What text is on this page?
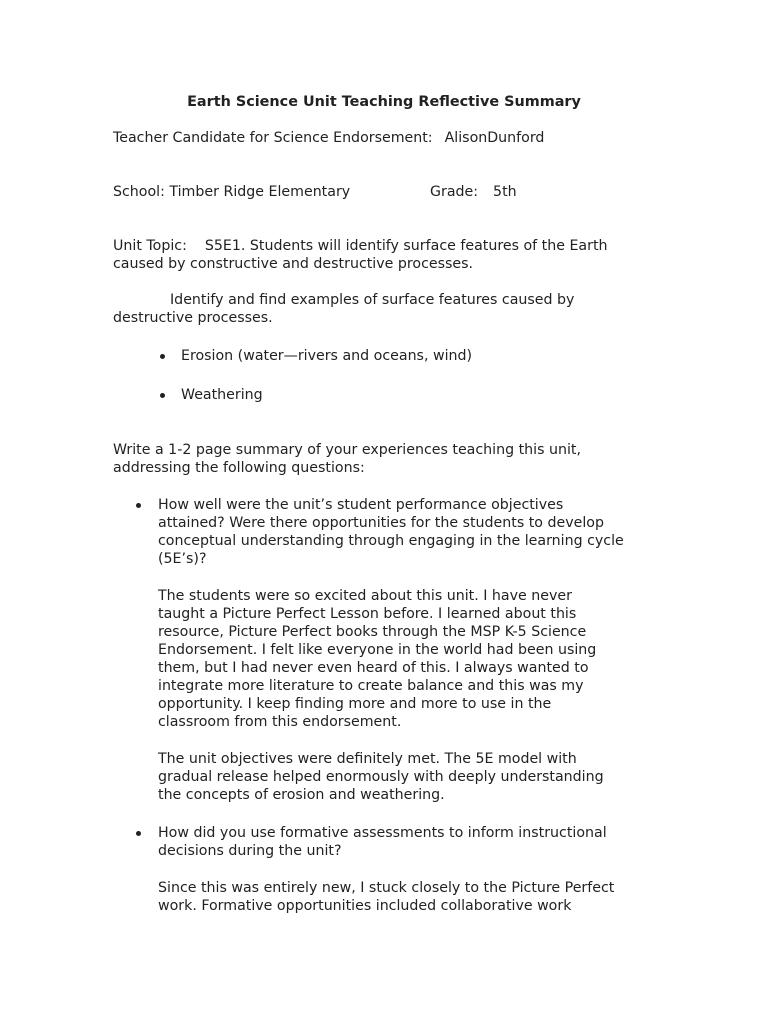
Earth Science Unit Teaching Reflective Summary
Teacher Candidate for Science Endorsement: AlisonDunford
School: Timber Ridge Elementary	Grade: 5th
Unit Topic: S5E1. Students will identify surface features of the Earth
caused by constructive and destructive processes.
Identify and find examples of surface features caused by
destructive processes.
Erosion (water—rivers and oceans, wind)
Weathering
Write a 1-2 page summary of your experiences teaching this unit,
addressing the following questions:
How well were the unit’s student performance objectives
attained? Were there opportunities for the students to develop
conceptual understanding through engaging in the learning cycle
(5E’s)?
The students were so excited about this unit. I have never
taught a Picture Perfect Lesson before. I learned about this
resource, Picture Perfect books through the MSP K-5 Science
Endorsement. I felt like everyone in the world had been using
them, but I had never even heard of this. I always wanted to
integrate more literature to create balance and this was my
opportunity. I keep finding more and more to use in the
classroom from this endorsement.
The unit objectives were definitely met. The 5E model with
gradual release helped enormously with deeply understanding
the concepts of erosion and weathering.
How did you use formative assessments to inform instructional
decisions during the unit?
Since this was entirely new, I stuck closely to the Picture Perfect
work. Formative opportunities included collaborative work
